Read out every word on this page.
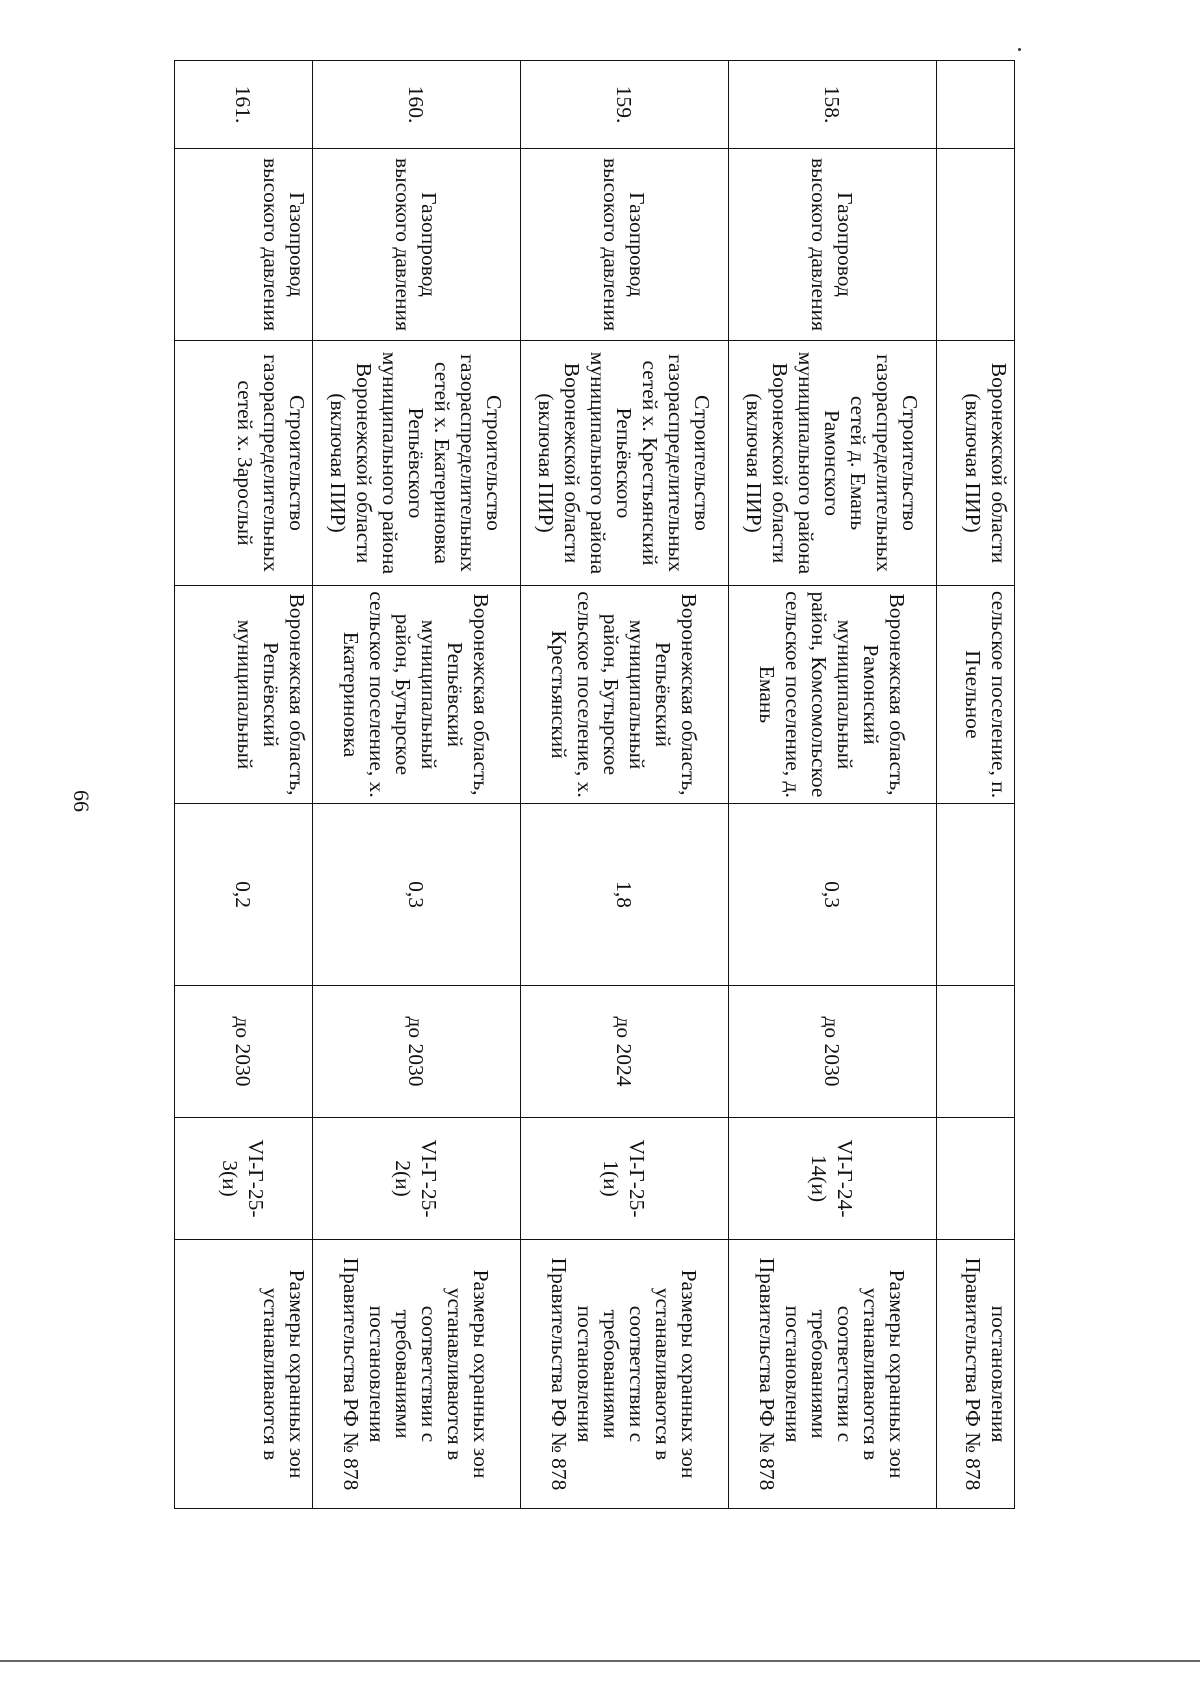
66
		Воронежской области (включая ПИР)	сельское поселение, п. Пчельное				постановления Правительства РФ № 878
158.	Газопровод высокого давления	Строительство газораспределительных сетей д. Емань Рамонского муниципального района Воронежской области (включая ПИР)	Воронежская область, Рамонский муниципальный район, Комсомольское сельское поселение, д. Емань	0,3	до 2030	VI-Г-24-14(и)	Размеры охранных зон устанавливаются в соответствии с требованиями постановления Правительства РФ № 878
159.	Газопровод высокого давления	Строительство газораспределительных сетей х. Крестьянский Репьёвского муниципального района Воронежской области (включая ПИР)	Воронежская область, Репьёвский муниципальный район, Бутырское сельское поселение, х. Крестьянский	1,8	до 2024	VI-Г-25-1(и)	Размеры охранных зон устанавливаются в соответствии с требованиями постановления Правительства РФ № 878
160.	Газопровод высокого давления	Строительство газораспределительных сетей х. Екатериновка Репьёвского муниципального района Воронежской области (включая ПИР)	Воронежская область, Репьёвский муниципальный район, Бутырское сельское поселение, х. Екатериновка	0,3	до 2030	VI-Г-25-2(и)	Размеры охранных зон устанавливаются в соответствии с требованиями постановления Правительства РФ № 878
161.	Газопровод высокого давления	Строительство газораспределительных сетей х. Зарослый	Воронежская область, Репьёвский муниципальный	0,2	до 2030	VI-Г-25-3(и)	Размеры охранных зон устанавливаются в
